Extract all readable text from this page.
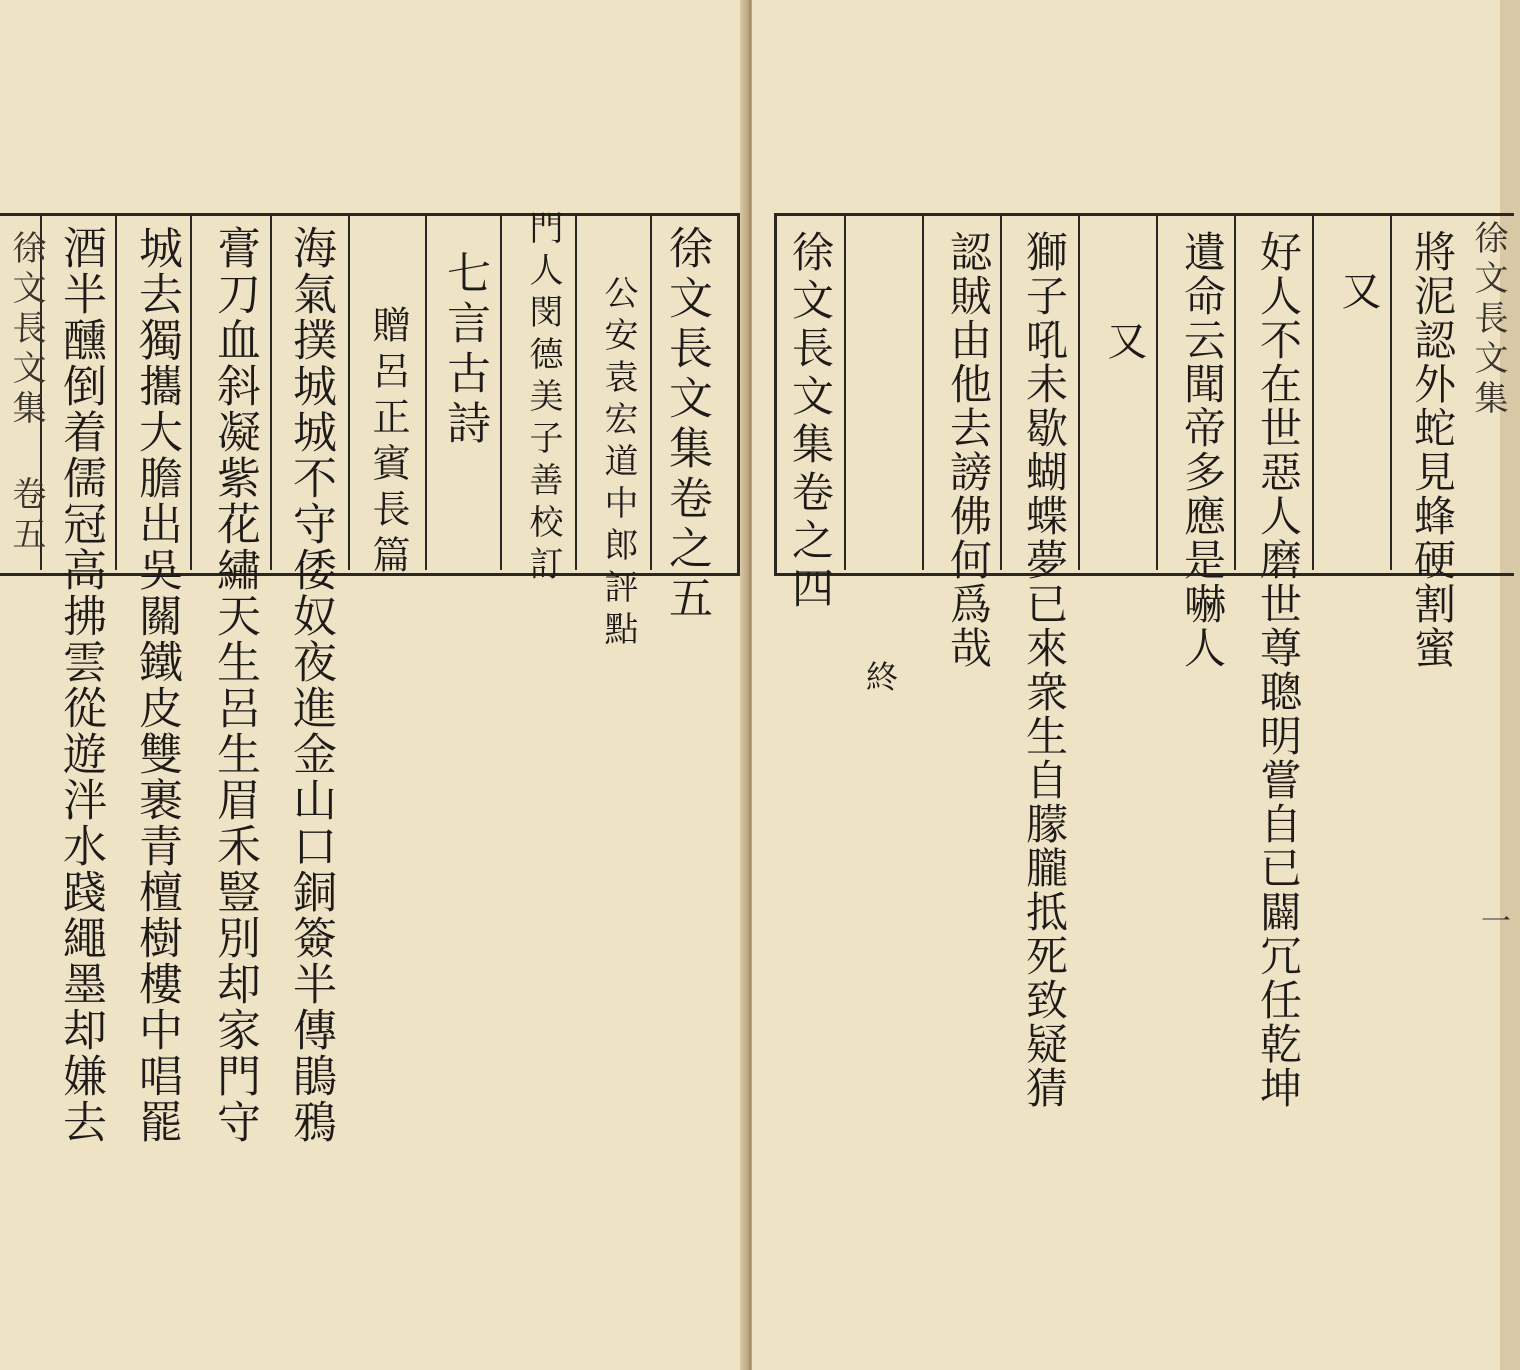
徐文長文集卷之五
公安袁宏道中郎評點
門人閔德美子善校訂
七言古詩
贈呂正賓長篇
海氣撲城城不守倭奴夜進金山口銅簽半傳鵑鴉
膏刀血斜凝紫花繡天生呂生眉禾豎別却家門守
城去獨攜大膽出吳關鐵皮雙裹青檀樹樓中唱罷
酒半醺倒着儒冠高拂雲從遊泮水踐繩墨却嫌去
徐文長文集 卷五	將泥認外蛇見蜂硬割蜜
又
好人不在世惡人磨世尊聰明嘗自已闢冗任乾坤
遺命云聞帝多應是嚇人
又
獅子吼未歇蝴蝶夢已來衆生自朦朧抵死致疑猜
認賊由他去謗佛何爲哉
徐文長文集卷之四
終
徐文長文集
一
